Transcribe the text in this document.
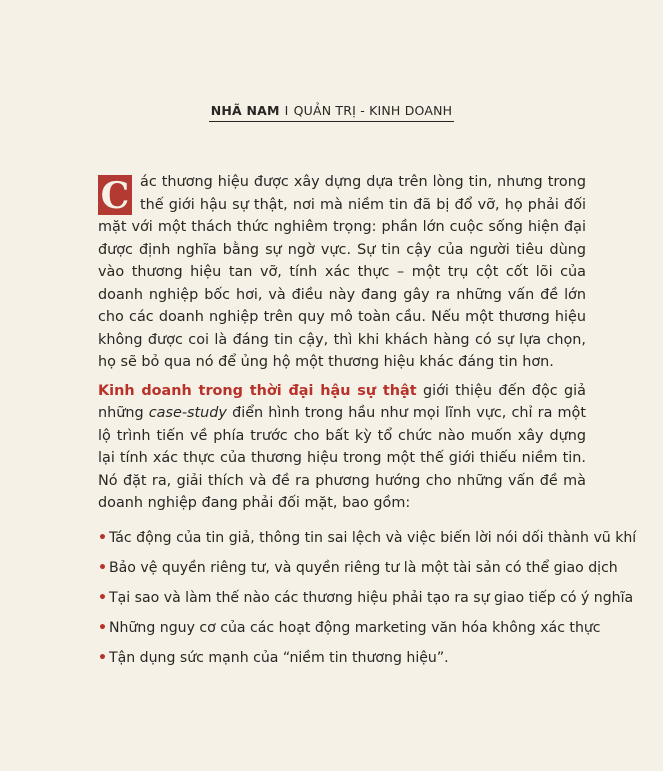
NHÃ NAM I QUẢN TRỊ - KINH DOANH

C ác thương hiệu được xây dựng dựa trên lòng tin, nhưng trong thế giới hậu sự thật, nơi mà niềm tin đã bị đổ vỡ, họ phải đối mặt với một thách thức nghiêm trọng: phần lớn cuộc sống hiện đại được định nghĩa bằng sự ngờ vực. Sự tin cậy của người tiêu dùng vào thương hiệu tan vỡ, tính xác thực – một trụ cột cốt lõi của doanh nghiệp bốc hơi, và điều này đang gây ra những vấn đề lớn cho các doanh nghiệp trên quy mô toàn cầu. Nếu một thương hiệu không được coi là đáng tin cậy, thì khi khách hàng có sự lựa chọn, họ sẽ bỏ qua nó để ủng hộ một thương hiệu khác đáng tin hơn.

Kinh doanh trong thời đại hậu sự thật giới thiệu đến độc giả những case-study điển hình trong hầu như mọi lĩnh vực, chỉ ra một lộ trình tiến về phía trước cho bất kỳ tổ chức nào muốn xây dựng lại tính xác thực của thương hiệu trong một thế giới thiếu niềm tin. Nó đặt ra, giải thích và đề ra phương hướng cho những vấn đề mà doanh nghiệp đang phải đối mặt, bao gồm:

• Tác động của tin giả, thông tin sai lệch và việc biến lời nói dối thành vũ khí
• Bảo vệ quyền riêng tư, và quyền riêng tư là một tài sản có thể giao dịch
• Tại sao và làm thế nào các thương hiệu phải tạo ra sự giao tiếp có ý nghĩa
• Những nguy cơ của các hoạt động marketing văn hóa không xác thực
• Tận dụng sức mạnh của “niềm tin thương hiệu”.
